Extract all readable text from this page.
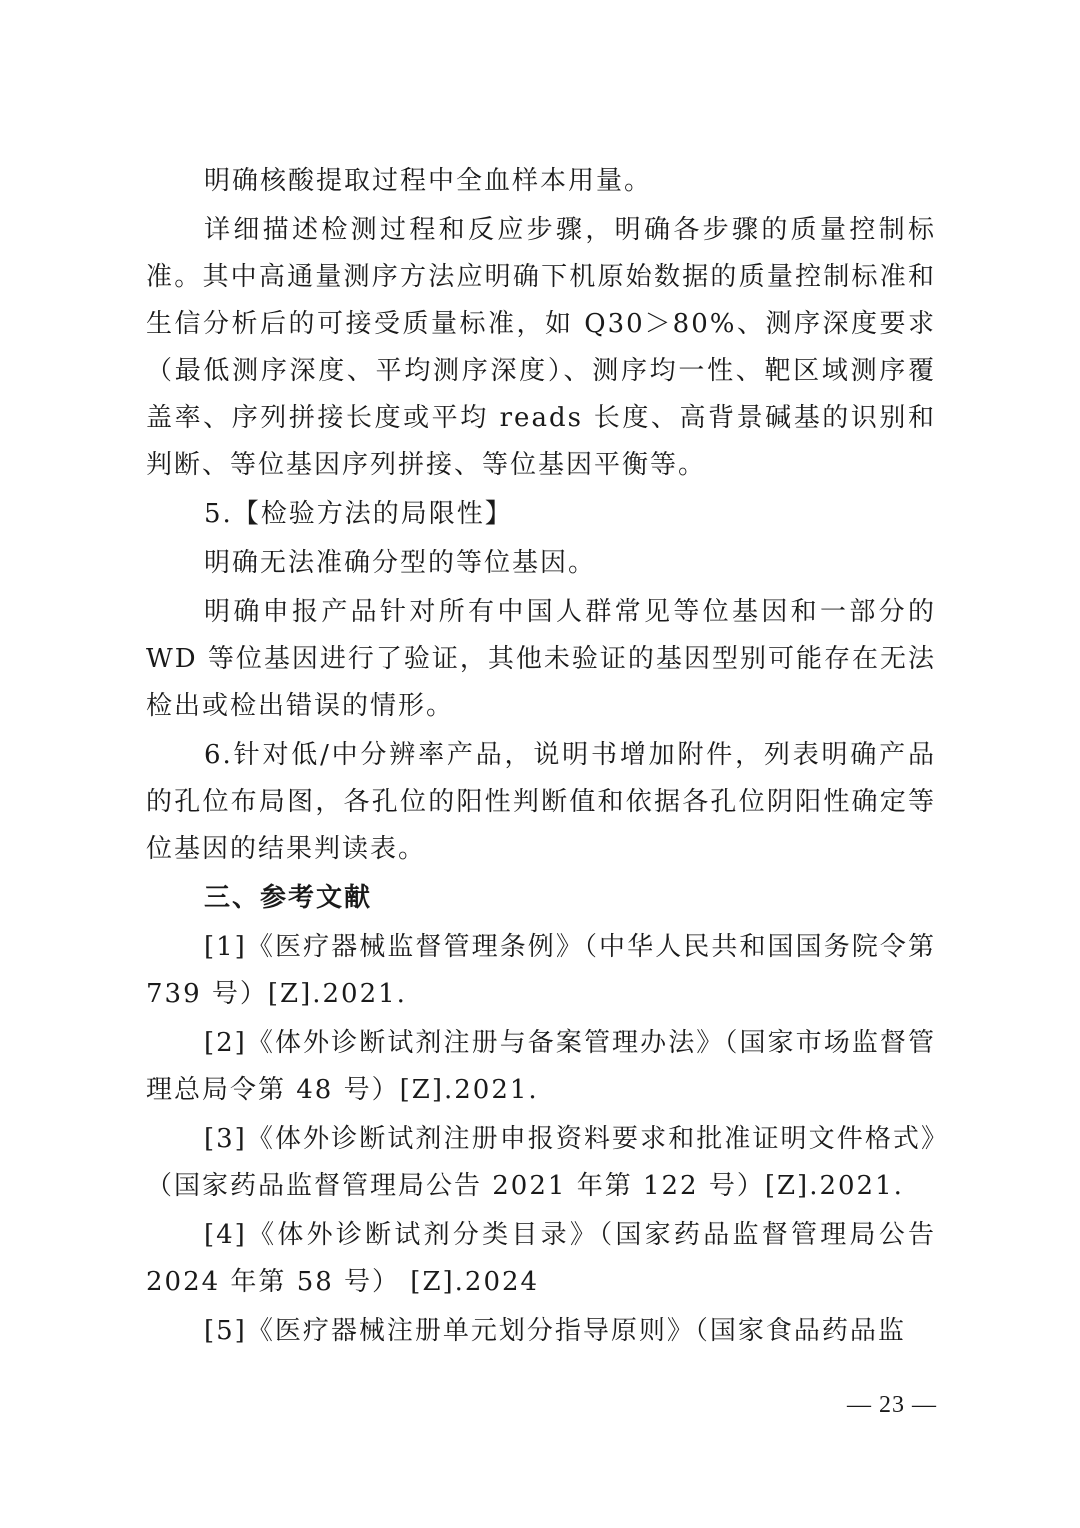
明确核酸提取过程中全血样本用量。

详细描述检测过程和反应步骤，明确各步骤的质量控制标准。其中高通量测序方法应明确下机原始数据的质量控制标准和生信分析后的可接受质量标准，如 Q30＞80%、测序深度要求（最低测序深度、平均测序深度）、测序均一性、靶区域测序覆盖率、序列拼接长度或平均 reads 长度、高背景碱基的识别和判断、等位基因序列拼接、等位基因平衡等。

5.【检验方法的局限性】

明确无法准确分型的等位基因。

明确申报产品针对所有中国人群常见等位基因和一部分的 WD 等位基因进行了验证，其他未验证的基因型别可能存在无法检出或检出错误的情形。

6.针对低/中分辨率产品，说明书增加附件，列表明确产品的孔位布局图，各孔位的阳性判断值和依据各孔位阴阳性确定等位基因的结果判读表。

三、参考文献

[1]《医疗器械监督管理条例》（中华人民共和国国务院令第 739 号）[Z].2021.

[2]《体外诊断试剂注册与备案管理办法》（国家市场监督管理总局令第 48 号）[Z].2021.

[3]《体外诊断试剂注册申报资料要求和批准证明文件格式》（国家药品监督管理局公告 2021 年第 122 号）[Z].2021.

[4]《体外诊断试剂分类目录》（国家药品监督管理局公告 2024 年第 58 号） [Z].2024

[5]《医疗器械注册单元划分指导原则》（国家食品药品监

— 23 —
